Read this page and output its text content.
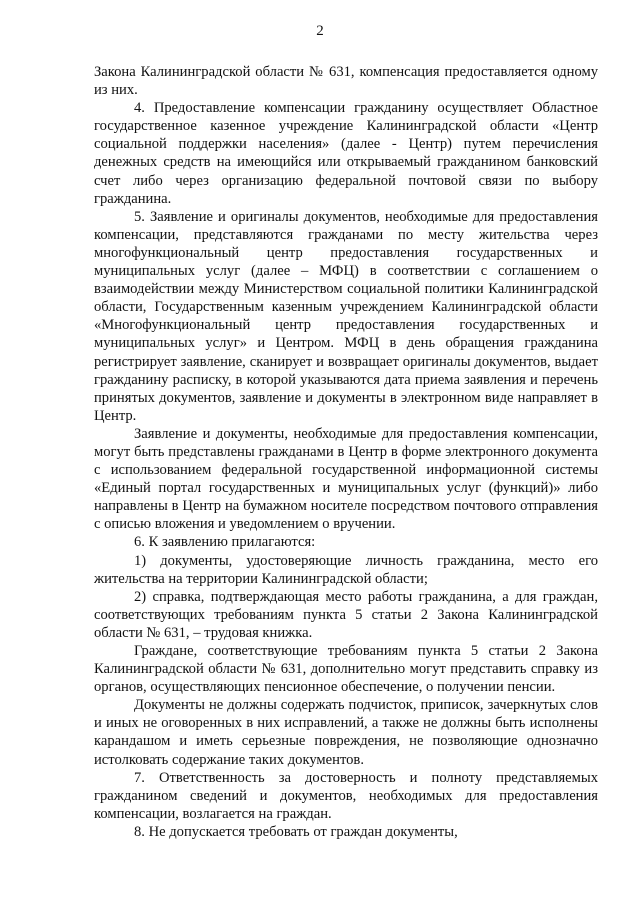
2

Закона Калининградской области № 631, компенсация предоставляется одному из них.

4. Предоставление компенсации гражданину осуществляет Областное государственное казенное учреждение Калининградской области «Центр социальной поддержки населения» (далее - Центр) путем перечисления денежных средств на имеющийся или открываемый гражданином банковский счет либо через организацию федеральной почтовой связи по выбору гражданина.

5. Заявление и оригиналы документов, необходимые для предоставления компенсации, представляются гражданами по месту жительства через многофункциональный центр предоставления государственных и муниципальных услуг (далее – МФЦ) в соответствии с соглашением о взаимодействии между Министерством социальной политики Калининградской области, Государственным казенным учреждением Калининградской области «Многофункциональный центр предоставления государственных и муниципальных услуг» и Центром. МФЦ в день обращения гражданина регистрирует заявление, сканирует и возвращает оригиналы документов, выдает гражданину расписку, в которой указываются дата приема заявления и перечень принятых документов, заявление и документы в электронном виде направляет в Центр.

Заявление и документы, необходимые для предоставления компенсации, могут быть представлены гражданами в Центр в форме электронного документа с использованием федеральной государственной информационной системы «Единый портал государственных и муниципальных услуг (функций)» либо направлены в Центр на бумажном носителе посредством почтового отправления с описью вложения и уведомлением о вручении.

6. К заявлению прилагаются:

1) документы, удостоверяющие личность гражданина, место его жительства на территории Калининградской области;

2) справка, подтверждающая место работы гражданина, а для граждан, соответствующих требованиям пункта 5 статьи 2 Закона Калининградской области № 631, – трудовая книжка.

Граждане, соответствующие требованиям пункта 5 статьи 2 Закона Калининградской области № 631, дополнительно могут представить справку из органов, осуществляющих пенсионное обеспечение, о получении пенсии.

Документы не должны содержать подчисток, приписок, зачеркнутых слов и иных не оговоренных в них исправлений, а также не должны быть исполнены карандашом и иметь серьезные повреждения, не позволяющие однозначно истолковать содержание таких документов.

7. Ответственность за достоверность и полноту представляемых гражданином сведений и документов, необходимых для предоставления компенсации, возлагается на граждан.

8. Не допускается требовать от граждан документы,
